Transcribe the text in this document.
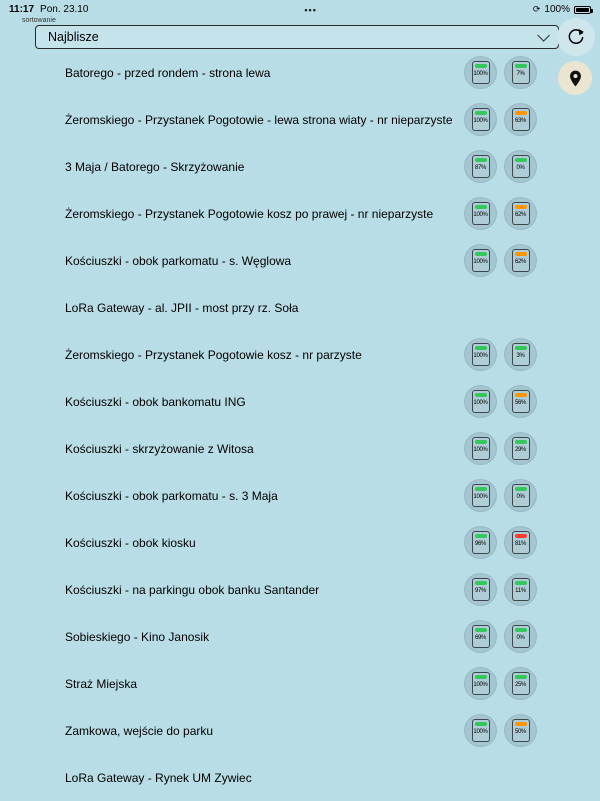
11:17 Pon. 23.10	•••	⟳ 100%
sortowanie
Najblisze
Batorego - przed rondem - strona lewa	100%	7%
Żeromskiego - Przystanek Pogotowie - lewa strona wiaty - nr nieparzyste	100%	63%
3 Maja / Batorego - Skrzyżowanie	87%	0%
Żeromskiego - Przystanek Pogotowie kosz po prawej - nr nieparzyste	100%	62%
Kościuszki - obok parkomatu - s. Węglowa	100%	62%
LoRa Gateway - al. JPII - most przy rz. Soła
Żeromskiego - Przystanek Pogotowie kosz - nr parzyste	100%	3%
Kościuszki - obok bankomatu ING	100%	56%
Kościuszki - skrzyżowanie z Witosa	100%	29%
Kościuszki - obok parkomatu - s. 3 Maja	100%	0%
Kościuszki - obok kiosku	96%	81%
Kościuszki - na parkingu obok banku Santander	97%	11%
Sobieskiego - Kino Janosik	69%	0%
Straż Miejska	100%	25%
Zamkowa, wejście do parku	100%	50%
LoRa Gateway - Rynek UM Zywiec
